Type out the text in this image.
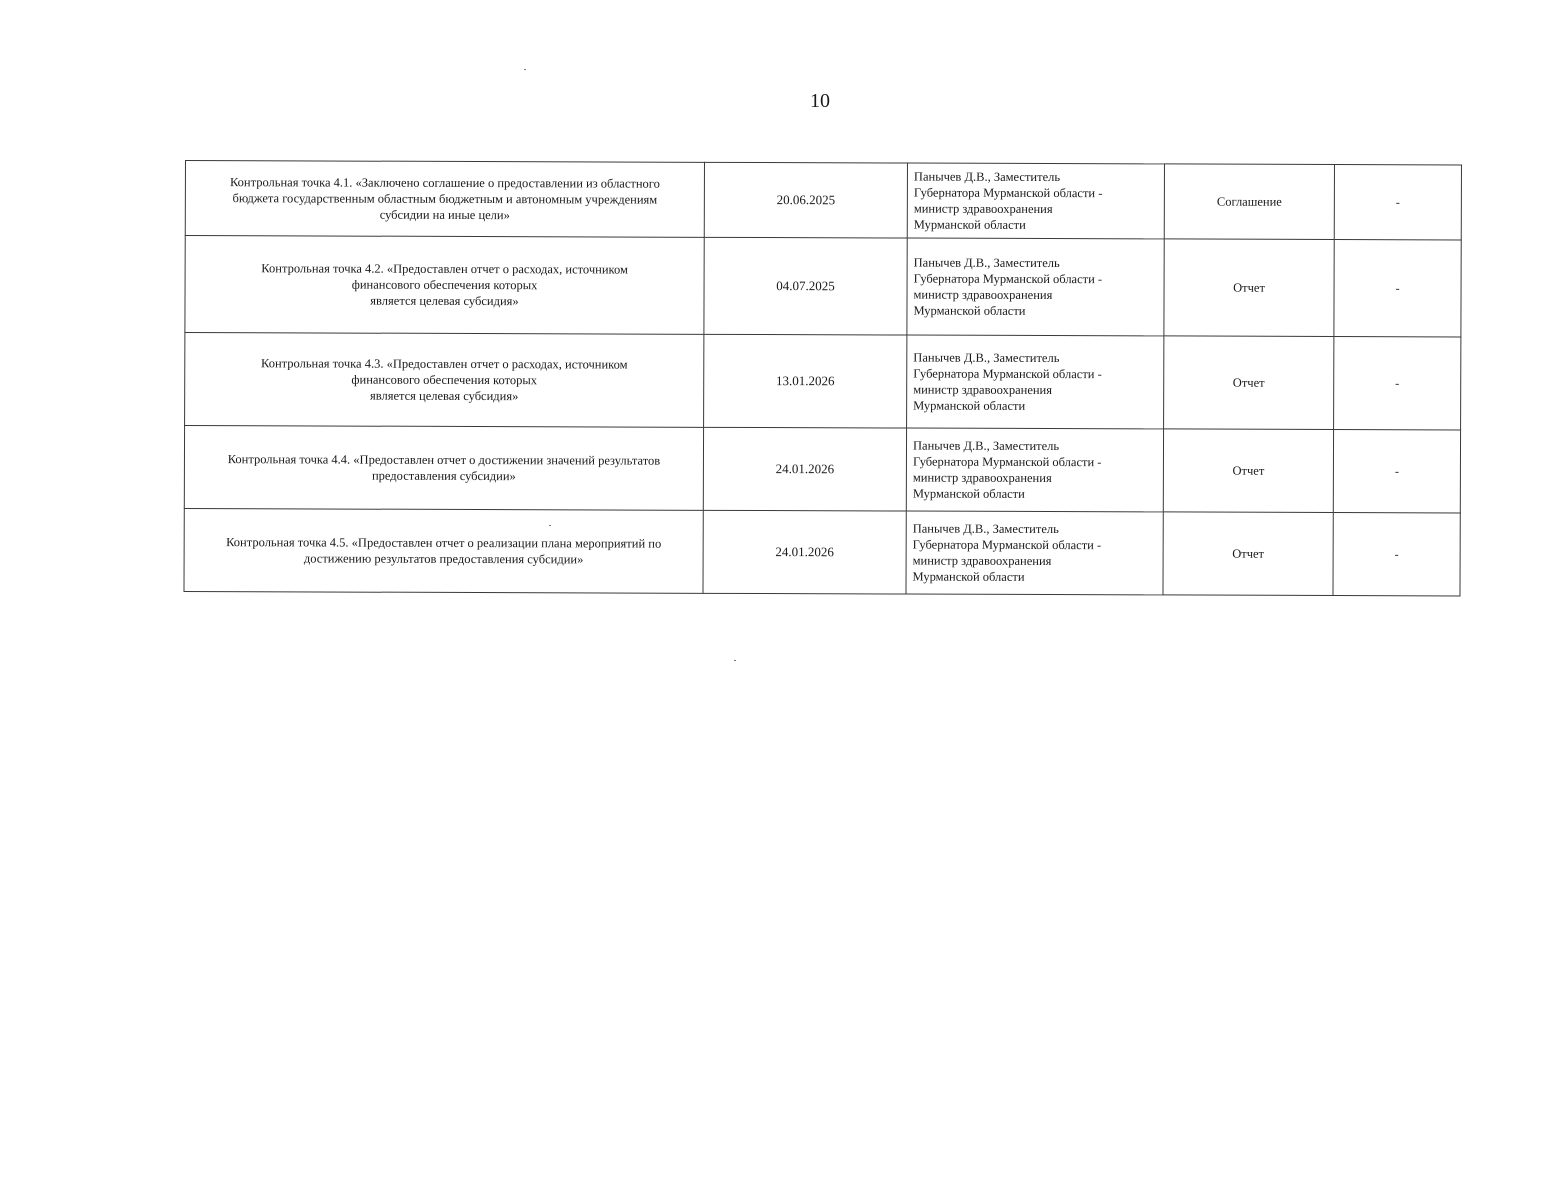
10
Контрольная точка 4.1. «Заключено соглашение о предоставлении из областного
бюджета государственным областным бюджетным и автономным учреждениям
субсидии на иные цели»	20.06.2025	Панычев Д.В., Заместитель
Губернатора Мурманской области -
министр здравоохранения
Мурманской области	Соглашение	-

Контрольная точка 4.2. «Предоставлен отчет о расходах, источником
финансового обеспечения которых
является целевая субсидия»	04.07.2025	Панычев Д.В., Заместитель
Губернатора Мурманской области -
министр здравоохранения
Мурманской области	Отчет	-

Контрольная точка 4.3. «Предоставлен отчет о расходах, источником
финансового обеспечения которых
является целевая субсидия»	13.01.2026	Панычев Д.В., Заместитель
Губернатора Мурманской области -
министр здравоохранения
Мурманской области	Отчет	-

Контрольная точка 4.4. «Предоставлен отчет о достижении значений результатов
предоставления субсидии»	24.01.2026	Панычев Д.В., Заместитель
Губернатора Мурманской области -
министр здравоохранения
Мурманской области	Отчет	-

Контрольная точка 4.5. «Предоставлен отчет о реализации плана мероприятий по
достижению результатов предоставления субсидии»	24.01.2026	Панычев Д.В., Заместитель
Губернатора Мурманской области -
министр здравоохранения
Мурманской области	Отчет	-
